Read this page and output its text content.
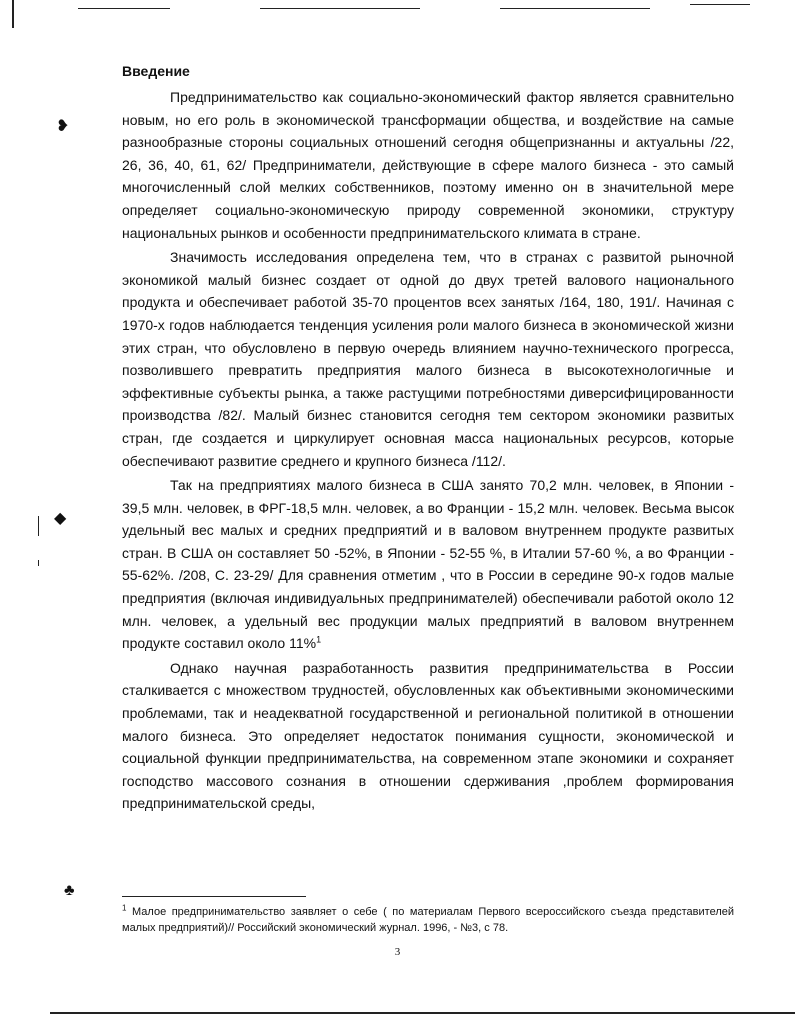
❥
◆
♣
Введение

Предпринимательство как социально-экономический фактор является сравнительно новым, но его роль в экономической трансформации общества, и воздействие на самые разнообразные стороны социальных отношений сегодня общепризнанны и актуальны /22, 26, 36, 40, 61, 62/ Предприниматели, действующие в сфере малого бизнеса - это самый многочисленный слой мелких собственников, поэтому именно он в значительной мере определяет социально-экономическую природу современной экономики, структуру национальных рынков и особенности предпринимательского климата в стране.

Значимость исследования определена тем, что в странах с развитой рыночной экономикой малый бизнес создает от одной до двух третей валового национального продукта и обеспечивает работой 35-70 процентов всех занятых /164, 180, 191/. Начиная с 1970-х годов наблюдается тенденция усиления роли малого бизнеса в экономической жизни этих стран, что обусловлено в первую очередь влиянием научно-технического прогресса, позволившего превратить предприятия малого бизнеса в высокотехнологичные и эффективные субъекты рынка, а также растущими потребностями диверсифицированности производства /82/. Малый бизнес становится сегодня тем сектором экономики развитых стран, где создается и циркулирует основная масса национальных ресурсов, которые обеспечивают развитие среднего и крупного бизнеса /112/.

Так на предприятиях малого бизнеса в США занято 70,2 млн. человек, в Японии - 39,5 млн. человек, в ФРГ-18,5 млн. человек, а во Франции - 15,2 млн. человек. Весьма высок удельный вес малых и средних предприятий и в валовом внутреннем продукте развитых стран. В США он составляет 50 -52%, в Японии - 52-55 %, в Италии 57-60 %, а во Франции - 55-62%. /208, С. 23-29/ Для сравнения отметим , что в России в середине 90-х годов малые предприятия (включая индивидуальных предпринимателей) обеспечивали работой около 12 млн. человек, а удельный вес продукции малых предприятий в валовом внутреннем продукте составил около 11%$^1$

Однако научная разработанность развития предпринимательства в России сталкивается с множеством трудностей, обусловленных как объективными экономическими проблемами, так и неадекватной государственной и региональной политикой в отношении малого бизнеса. Это определяет недостаток понимания сущности, экономической и социальной функции предпринимательства, на современном этапе экономики и сохраняет господство массового сознания в отношении сдерживания ,проблем формирования предпринимательской среды,

$^1$ Малое предпринимательство заявляет о себе ( по материалам Первого всероссийского съезда представителей малых предприятий)// Российский экономический журнал. 1996, - №3, с 78.
3
